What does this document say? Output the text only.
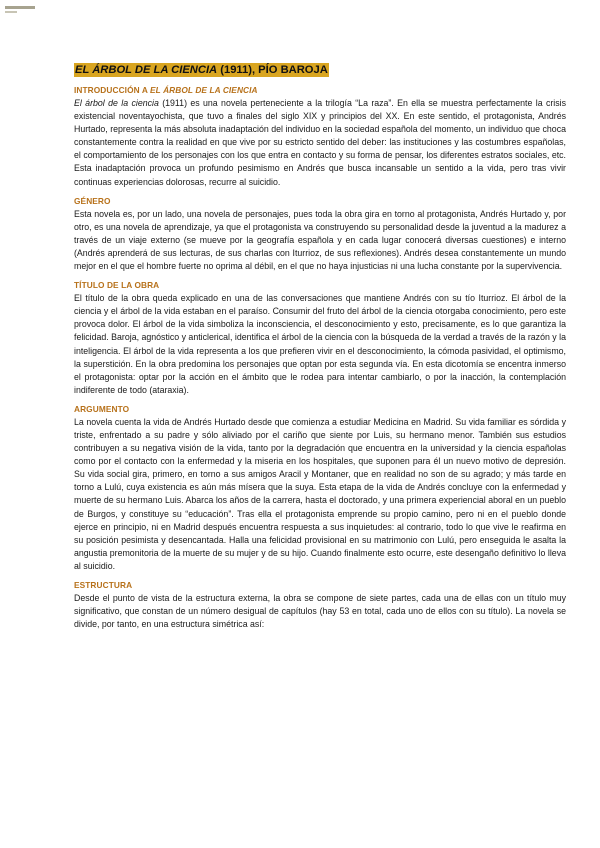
EL ÁRBOL DE LA CIENCIA (1911), PÍO BAROJA
INTRODUCCIÓN A EL ÁRBOL DE LA CIENCIA

El árbol de la ciencia (1911) es una novela perteneciente a la trilogía “La raza”. En ella se muestra perfectamente la crisis existencial noventayochista, que tuvo a finales del siglo XIX y principios del XX. En este sentido, el protagonista, Andrés Hurtado, representa la más absoluta inadaptación del individuo en la sociedad española del momento, un individuo que choca constantemente contra la realidad en que vive por su estricto sentido del deber: las instituciones y las costumbres españolas, el comportamiento de los personajes con los que entra en contacto y su forma de pensar, los diferentes estratos sociales, etc. Esta inadaptación provoca un profundo pesimismo en Andrés que busca incansable un sentido a la vida, pero tras vivir continuas experiencias dolorosas, recurre al suicidio.

GÉNERO

Esta novela es, por un lado, una novela de personajes, pues toda la obra gira en torno al protagonista, Andrés Hurtado y, por otro, es una novela de aprendizaje, ya que el protagonista va construyendo su personalidad desde la juventud a la madurez a través de un viaje externo (se mueve por la geografía española y en cada lugar conocerá diversas cuestiones) e interno (Andrés aprenderá de sus lecturas, de sus charlas con Iturrioz, de sus reflexiones). Andrés desea constantemente un mundo mejor en el que el hombre fuerte no oprima al débil, en el que no haya injusticias ni una lucha constante por la supervivencia.

TÍTULO DE LA OBRA

El título de la obra queda explicado en una de las conversaciones que mantiene Andrés con su tío Iturrioz. El árbol de la ciencia y el árbol de la vida estaban en el paraíso. Consumir del fruto del árbol de la ciencia otorgaba conocimiento, pero este provoca dolor. El árbol de la vida simboliza la inconsciencia, el desconocimiento y esto, precisamente, es lo que garantiza la felicidad. Baroja, agnóstico y anticlerical, identifica el árbol de la ciencia con la búsqueda de la verdad a través de la razón y la inteligencia. El árbol de la vida representa a los que prefieren vivir en el desconocimiento, la cómoda pasividad, el optimismo, la superstición. En la obra predomina los personajes que optan por esta segunda vía. En esta dicotomía se encentra inmerso el protagonista: optar por la acción en el ámbito que le rodea para intentar cambiarlo, o por la inacción, la contemplación indiferente de todo (ataraxia).

ARGUMENTO

La novela cuenta la vida de Andrés Hurtado desde que comienza a estudiar Medicina en Madrid. Su vida familiar es sórdida y triste, enfrentado a su padre y sólo aliviado por el cariño que siente por Luis, su hermano menor. También sus estudios contribuyen a su negativa visión de la vida, tanto por la degradación que encuentra en la universidad y la ciencia españolas como por el contacto con la enfermedad y la miseria en los hospitales, que suponen para él un nuevo motivo de depresión. Su vida social gira, primero, en torno a sus amigos Aracil y Montaner, que en realidad no son de su agrado; y más tarde en torno a Lulú, cuya existencia es aún más mísera que la suya. Esta etapa de la vida de Andrés concluye con la enfermedad y muerte de su hermano Luis. Abarca los años de la carrera, hasta el doctorado, y una primera experiencial aboral en un pueblo de Burgos, y constituye su “educación”. Tras ella el protagonista emprende su propio camino, pero ni en el pueblo donde ejerce en principio, ni en Madrid después encuentra respuesta a sus inquietudes: al contrario, todo lo que vive le reafirma en su posición pesimista y desencantada. Halla una felicidad provisional en su matrimonio con Lulú, pero enseguida le asalta la angustia premonitoria de la muerte de su mujer y de su hijo. Cuando finalmente esto ocurre, este desengaño definitivo lo lleva al suicidio.

ESTRUCTURA

Desde el punto de vista de la estructura externa, la obra se compone de siete partes, cada una de ellas con un título muy significativo, que constan de un número desigual de capítulos (hay 53 en total, cada uno de ellos con su título). La novela se divide, por tanto, en una estructura simétrica así:
